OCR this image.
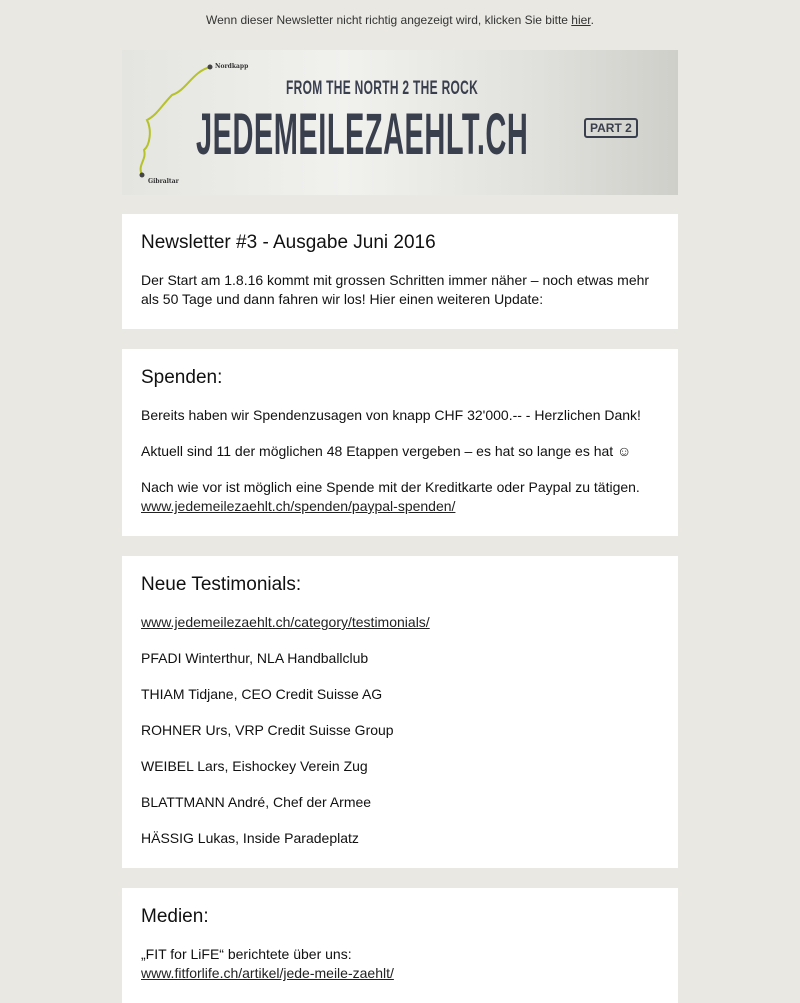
Wenn dieser Newsletter nicht richtig angezeigt wird, klicken Sie bitte hier.
Nordkapp
Gibraltar
FROM THE NORTH 2 THE ROCK
JEDEMEILEZAEHLT.CH	PART 2
Newsletter #3 - Ausgabe Juni 2016

Der Start am 1.8.16 kommt mit grossen Schritten immer näher – noch etwas mehr als 50 Tage und dann fahren wir los! Hier einen weiteren Update:

Spenden:

Bereits haben wir Spendenzusagen von knapp CHF 32'000.-- - Herzlichen Dank!

Aktuell sind 11 der möglichen 48 Etappen vergeben – es hat so lange es hat ☺

Nach wie vor ist möglich eine Spende mit der Kreditkarte oder Paypal zu tätigen. www.jedemeilezaehlt.ch/spenden/paypal-spenden/

Neue Testimonials:

www.jedemeilezaehlt.ch/category/testimonials/

PFADI Winterthur, NLA Handballclub

THIAM Tidjane, CEO Credit Suisse AG

ROHNER Urs, VRP Credit Suisse Group

WEIBEL Lars, Eishockey Verein Zug

BLATTMANN André, Chef der Armee

HÄSSIG Lukas, Inside Paradeplatz

Medien:

„FIT for LiFE“ berichtete über uns:
www.fitforlife.ch/artikel/jede-meile-zaehlt/
